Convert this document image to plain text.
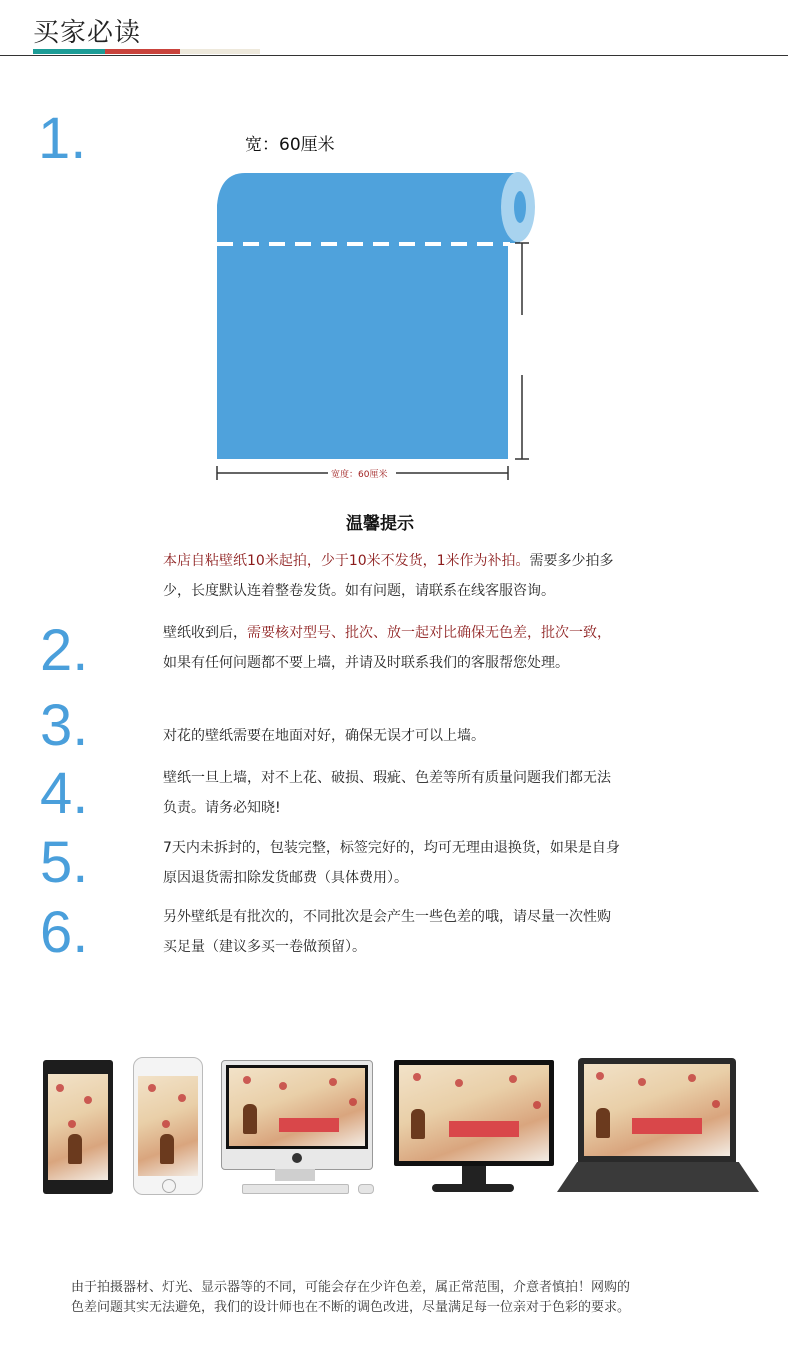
买家必读
1.
2.
3.
4.
5.
6.
宽：60厘米
宽度：60厘米
温馨提示
本店自粘壁纸10米起拍，少于10米不发货，1米作为补拍。需要多少拍多
少，长度默认连着整卷发货。如有问题，请联系在线客服咨询。
壁纸收到后，需要核对型号、批次、放一起对比确保无色差，批次一致，
如果有任何问题都不要上墙，并请及时联系我们的客服帮您处理。
对花的壁纸需要在地面对好，确保无误才可以上墙。
壁纸一旦上墙，对不上花、破损、瑕疵、色差等所有质量问题我们都无法
负责。请务必知晓!
7天内未拆封的，包装完整，标签完好的，均可无理由退换货，如果是自身
原因退货需扣除发货邮费（具体费用）。
另外壁纸是有批次的，不同批次是会产生一些色差的哦，请尽量一次性购
买足量（建议多买一卷做预留）。
由于拍摄器材、灯光、显示器等的不同，可能会存在少许色差，属正常范围，介意者慎拍！网购的
色差问题其实无法避免，我们的设计师也在不断的调色改进，尽量满足每一位亲对于色彩的要求。
